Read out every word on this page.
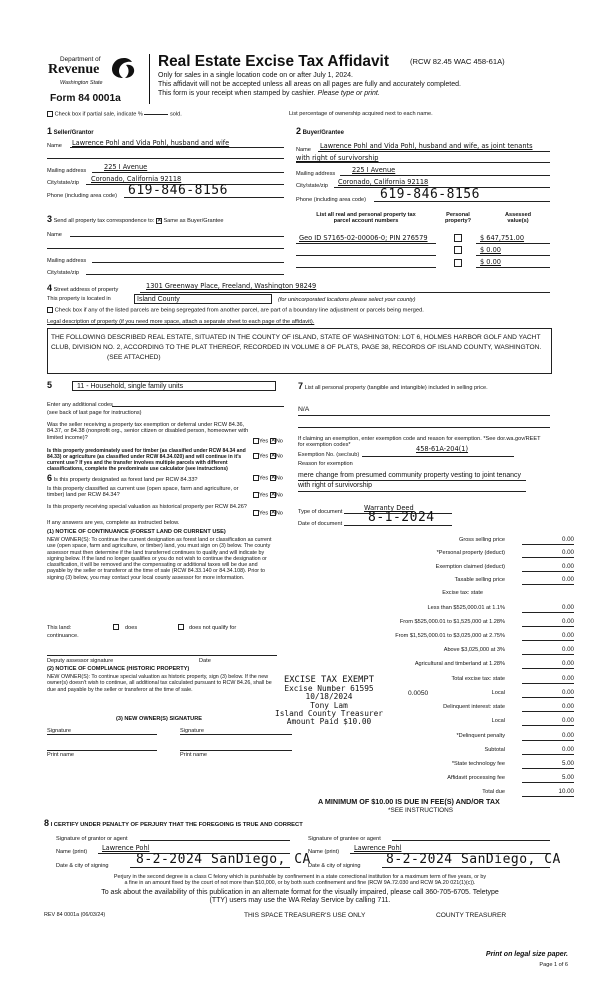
Department of
Revenue
Washington State
Form 84 0001a
Real Estate Excise Tax Affidavit	(RCW 82.45 WAC 458-61A)
Only for sales in a single location code on or after July 1, 2024.
This affidavit will not be accepted unless all areas on all pages are fully and accurately completed.
This form is your receipt when stamped by cashier. Please type or print.
Check box if partial sale, indicate %	sold.	List percentage of ownership acquired next to each name.
1 Seller/Grantor
Name Lawrence Pohl and Vida Pohl, husband and wife
Mailing address	225 I Avenue
City/state/zip Coronado, California 92118
Phone (including area code) 619-846-8156
2 Buyer/Grantee
Name Lawrence Pohl and Vida Pohl, husband and wife, as joint tenants
with right of survivorship
Mailing address	225 I Avenue
City/state/zip Coronado, California 92118
Phone (including area code) 619-846-8156
3 Send all property tax correspondence to: ✕ Same as Buyer/Grantee
Name
Mailing address
City/state/zip
List all real and personal property tax
parcel account numbers
Personal
property?
Assessed
value(s)
Geo ID S7165-02-00006-0; PIN 276579	$ 647,751.00
$ 0.00
$ 0.00
4 Street address of property	1301 Greenway Place, Freeland, Washington 98249
This property is located in	Island County	(for unincorporated locations please select your county)
Check box if any of the listed parcels are being segregated from another parcel, are part of a boundary line adjustment or parcels being merged.
Legal description of property (if you need more space, attach a separate sheet to each page of the affidavit).
THE FOLLOWING DESCRIBED REAL ESTATE, SITUATED IN THE COUNTY OF ISLAND, STATE OF WASHINGTON: LOT 6, HOLMES HARBOR GOLF AND YACHT CLUB, DIVISION NO. 2, ACCORDING TO THE PLAT THEREOF, RECORDED IN VOLUME 8 OF PLATS, PAGE 38, RECORDS OF ISLAND COUNTY, WASHINGTON. (SEE ATTACHED)
5	11 - Household, single family units
Enter any additional codes
(see back of last page for instructions)
Was the seller receiving a property tax exemption or deferral under RCW 84.36, 84.37, or 84.38 (nonprofit org., senior citizen or disabled person, homeowner with limited income)?
Yes ✕ No
Is this property predominately used for timber (as classified under RCW 84.34 and 84.33) or agriculture (as classified under RCW 84.34.020) and will continue in it's current use? If yes and the transfer involves multiple parcels with different classifications, complete the predominate use calculator (see instructions)
Yes ✕ No
6 Is this property designated as forest land per RCW 84.33?	Yes ✕ No
Is this property classified as current use (open space, farm and agriculture, or timber) land per RCW 84.34?	Yes ✕ No
Is this property receiving special valuation as historical property per RCW 84.26?
Yes ✕ No
If any answers are yes, complete as instructed below.
(1) NOTICE OF CONTINUANCE (FOREST LAND OR CURRENT USE)
NEW OWNER(S): To continue the current designation as forest land or classification as current use (open space, farm and agriculture, or timber) land, you must sign on (3) below. The county assessor must then determine if the land transferred continues to qualify and will indicate by signing below. If the land no longer qualifies or you do not wish to continue the designation or classification, it will be removed and the compensating or additional taxes will be due and payable by the seller or transferor at the time of sale (RCW 84.33.140 or 84.34.108). Prior to signing (3) below, you may contact your local county assessor for more information.
This land:	does	does not qualify for
continuance.
Deputy assessor signature	Date
(2) NOTICE OF COMPLIANCE (HISTORIC PROPERTY)
NEW OWNER(S): To continue special valuation as historic property, sign (3) below. If the new owner(s) doesn't wish to continue, all additional tax calculated pursuant to RCW 84.26, shall be due and payable by the seller or transferor at the time of sale.
(3) NEW OWNER(S) SIGNATURE
Signature	Signature
Print name	Print name
7 List all personal property (tangible and intangible) included in selling price.
N/A
If claiming an exemption, enter exemption code and reason for exemption. *See dor.wa.gov/REET for exemption codes*
Exemption No. (sec/sub)
458-61A-204(1)
Reason for exemption
mere change from presumed community property vesting to joint tenancy with right of survivorship
Type of document	Warranty Deed
Date of document 8-1-2024
Gross selling price	0.00
*Personal property (deduct)	0.00
Exemption claimed (deduct)	0.00
Taxable selling price	0.00
Excise tax: state
Less than $525,000.01 at 1.1%	0.00
From $525,000.01 to $1,525,000 at 1.28%	0.00
From $1,525,000.01 to $3,025,000 at 2.75%	0.00
Above $3,025,000 at 3%	0.00
Agricultural and timberland at 1.28%	0.00
Total excise tax: state	0.00
0.0050	Local	0.00
Delinquent interest: state	0.00
Local	0.00
*Delinquent penalty	0.00
Subtotal	0.00
*State technology fee	5.00
Affidavit processing fee	5.00
Total due	10.00
A MINIMUM OF $10.00 IS DUE IN FEE(S) AND/OR TAX
*SEE INSTRUCTIONS
EXCISE TAX EXEMPT
Excise Number 61595
10/18/2024
Tony Lam
Island County Treasurer
Amount Paid $10.00
8 I CERTIFY UNDER PENALTY OF PERJURY THAT THE FOREGOING IS TRUE AND CORRECT
Signature of grantor or agent	Signature of grantee or agent
Name (print) Lawrence Pohl	Name (print) Lawrence Pohl
Date & city of signing 8-2-2024 SanDiego, CA
Date & city of signing 8-2-2024 SanDiego, CA
Perjury in the second degree is a class C felony which is punishable by confinement in a state correctional institution for a maximum term of five years, or by
a fine in an amount fixed by the court of not more than $10,000, or by both such confinement and fine (RCW 9A.72.030 and RCW 9A.20 021(1)(c)).
To ask about the availability of this publication in an alternate format for the visually impaired, please call 360-705-6705. Teletype
(TTY) users may use the WA Relay Service by calling 711.
REV 84 0001a (06/03/24)	THIS SPACE TREASURER'S USE ONLY	COUNTY TREASURER
Print on legal size paper.
Page 1 of 6
